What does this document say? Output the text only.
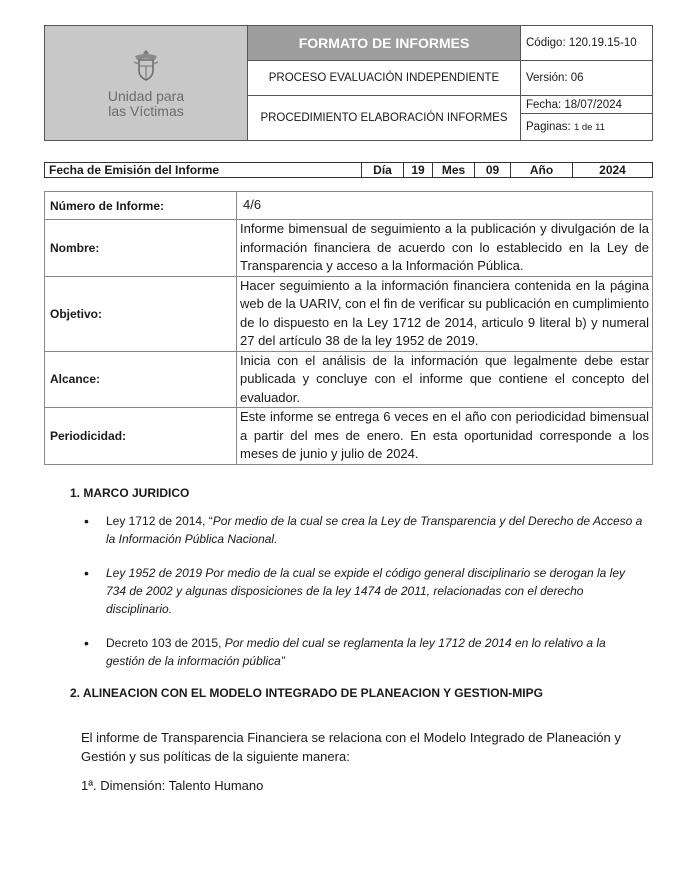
Unidad para
las Víctimas	FORMATO DE INFORMES	Código: 120.19.15-10
	PROCESO EVALUACIÒN INDEPENDIENTE	Versión: 06
	PROCEDIMIENTO ELABORACIÓN INFORMES	Fecha: 18/07/2024
		Paginas: 1 de 11
Fecha de Emisión del Informe	Día	19	Mes	09	Año	2024
Número de Informe:	4/6
Nombre:	Informe bimensual de seguimiento a la publicación y divulgación de la información financiera de acuerdo con lo establecido en la Ley de Transparencia y acceso a la Información Pública.
Objetivo:	Hacer seguimiento a la información financiera contenida en la página web de la UARIV, con el fin de verificar su publicación en cumplimiento de lo dispuesto en la Ley 1712 de 2014, articulo 9 literal b) y numeral 27 del artículo 38 de la ley 1952 de 2019.
Alcance:	Inicia con el análisis de la información que legalmente debe estar publicada y concluye con el informe que contiene el concepto del evaluador.
Periodicidad:	Este informe se entrega 6 veces en el año con periodicidad bimensual a partir del mes de enero. En esta oportunidad corresponde a los meses de junio y julio de 2024.
1. MARCO JURIDICO
• Ley 1712 de 2014, “Por medio de la cual se crea la Ley de Transparencia y del Derecho de Acceso a la Información Pública Nacional.
• Ley 1952 de 2019 Por medio de la cual se expide el código general disciplinario se derogan la ley 734 de 2002 y algunas disposiciones de la ley 1474 de 2011, relacionadas con el derecho disciplinario.
• Decreto 103 de 2015, Por medio del cual se reglamenta la ley 1712 de 2014 en lo relativo a la gestión de la información pública”
2. ALINEACION CON EL MODELO INTEGRADO DE PLANEACION Y GESTION-MIPG
El informe de Transparencia Financiera se relaciona con el Modelo Integrado de Planeación y Gestión y sus políticas de la siguiente manera:
1ª. Dimensión: Talento Humano
